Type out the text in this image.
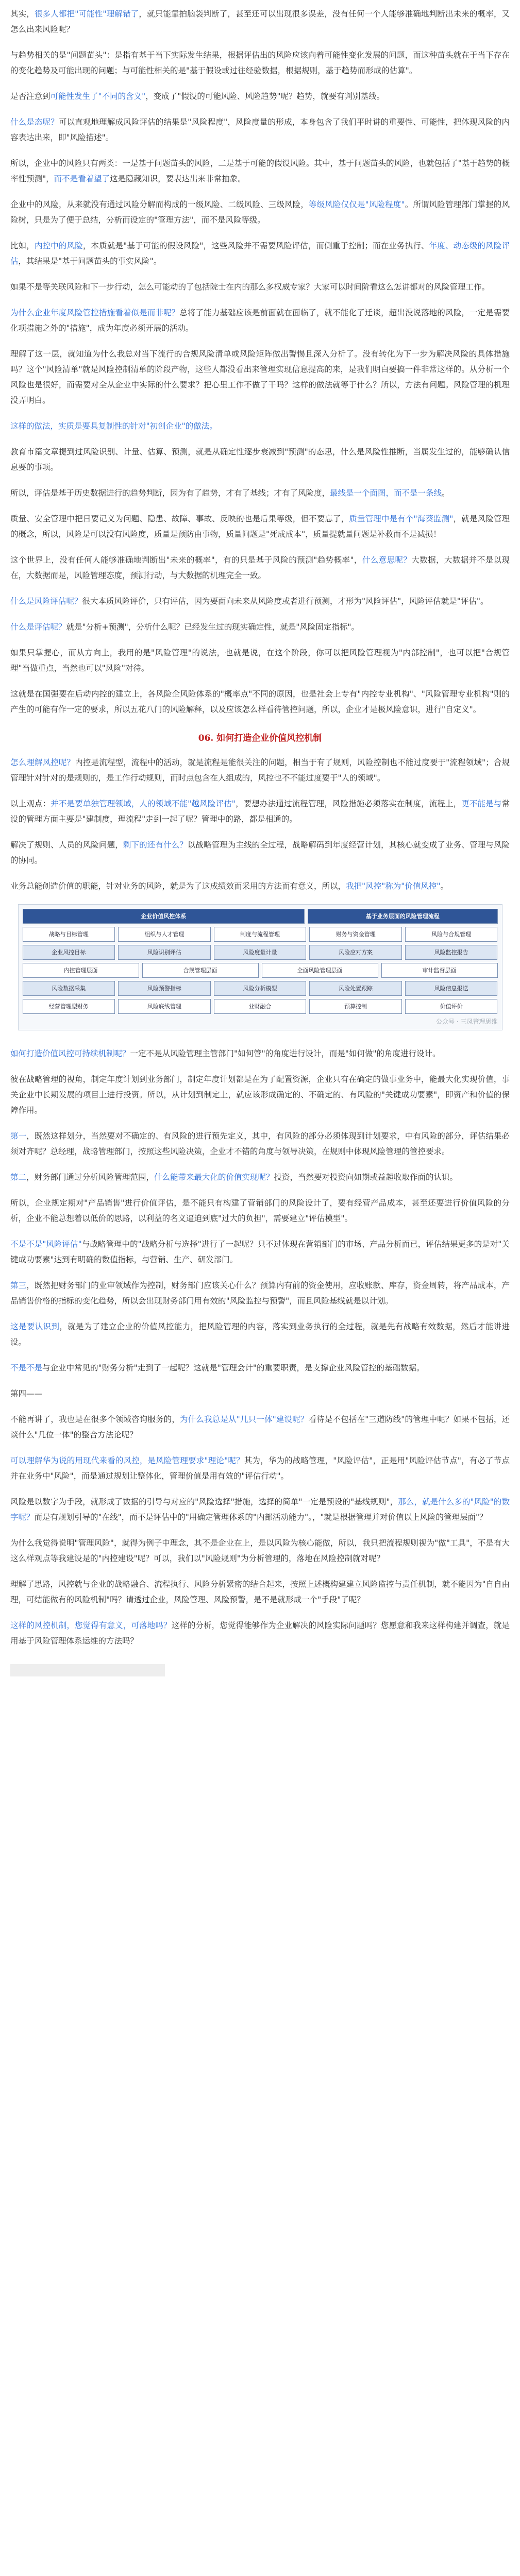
其实，很多人都把"可能性"理解错了，就只能靠拍脑袋判断了，甚至还可以出现很多误差，没有任何一个人能够准确地判断出未来的概率，又怎么出来风险呢？
与趋势相关的是"问题苗头"：是指有基于当下实际发生结果，根据评估出的风险应该向着可能性变化发展的问题，而这种苗头就在于当下存在的变化趋势及可能出现的问题；与可能性相关的是"基于假设或过往经验数据，根据规则，基于趋势而形成的估算"。
是否注意到可能性发生了"不同的含义"，变成了"假设的可能风险、风险趋势"呢？趋势，就要有判别基线。
什么是态呢？可以直观地理解成风险评估的结果是"风险程度"，风险度量的形成，本身包含了我们平时讲的重要性、可能性，把体现风险的内容表达出来，即"风险描述"。
所以，企业中的风险只有两类：一是基于问题苗头的风险，二是基于可能的假设风险。其中，基于问题苗头的风险，也就包括了"基于趋势的概率性预测"，而不是看着望了这是隐藏知识，要表达出来非常抽象。
企业中的风险，从来就没有通过风险分解而构成的一级风险、二级风险、三级风险，等级风险仅仅是"风险程度"。所谓风险管理部门掌握的风险树，只是为了便于总结，分析而设定的"管理方法"，而不是风险等级。
比如，内控中的风险，本质就是"基于可能的假设风险"，这些风险并不需要风险评估，而侧重于控制；而在业务执行、年度、动态级的风险评估，其结果是"基于问题苗头的事实风险"。
如果不是等关联风险和下一步行动，怎么可能动的了包括院士在内的那么多权威专家？大家可以时间阶看这么怎讲都对的风险管理工作。
为什么企业年度风险管控措施看着似是而非呢？总将了能力基础应该是前面就在面临了，就不能化了迁谈，超出没说落地的风险，一定是需要化项措施之外的"措施"，成为年度必须开展的活动。
理解了这一层，就知道为什么我总对当下流行的合规风险清单或风险矩阵做出警惕且深入分析了。没有转化为下一步为解决风险的具体措施吗？这个"风险清单"就是风险控制清单的阶段产物，这些人都没看出来管理实现信息提高的来，是我们明白要搞一件非常这样的。从分析一个风险也是很好，而需要对全从企业中实际的什么要求？把心里工作不做了干吗？这样的做法就等于什么？所以，方法有问题。风险管理的机理没弄明白。
这样的做法，实质是要具复制性的针对"初创企业"的做法。
教育市篇文章提到过风险识别、计量、估算、预测，就是从确定性逐步衰减到"预测"的态思，什么是风险性推断，当属发生过的，能够确认信息要的事项。
所以，评估是基于历史数据进行的趋势判断，因为有了趋势，才有了基线；才有了风险度，最线是一个面图，而不是一条线。
质量、安全管理中把日要记义为问题、隐患、故障、事故、反映的也是后果等级，但不要忘了，质量管理中是有个"海葵监测"，就是风险管理的概念，所以，风险是可以没有风险度，质量是预防由事物，质量问题是"死成成本"，质量提就量问题是补救而不是减损！
这个世界上，没有任何人能够准确地判断出"未来的概率"，有的只是基于风险的预测"趋势概率"，什么意思呢？大数据，大数据并不是以现在，大数据而是，风险管理态度，预测行动，与大数据的机理完全一致。
什么是风险评估呢？很大本质风险评价，只有评估，因为要面向未来从风险度或者进行预测，才形为"风险评估"，风险评估就是"评估"。
什么是评估呢？就是"分析+预测"，分析什么呢？已经发生过的现实确定性，就是"风险固定指标"。
如果只掌握心，而从方向上，我用的是"风险管理"的说法，也就是说，在这个阶段，你可以把风险管理视为"内部控制"，也可以把"合规管理"当做重点，当然也可以"风险"对待。
这就是在国强要在后动内控的建立上，各风险企风险体系的"概率点"不同的原因，也是社会上专有"内控专业机构"、"风险管理专业机构"则的产生的可能有作一定的要求，所以五花八门的风险解释，以及应该怎么样看待管控问题，所以，企业才是极风险意识，进行"自定义"。
06. 如何打造企业价值风控机制
怎么理解风控呢？内控是流程型，流程中的活动，就是流程是能很关注的问题，相当于有了规则，风险控制也不能过度要于"流程领域"；合规管理针对针对的是规则的，是工作行动规则，而时点包含在人组成的，风控也不不能过度要于"人的领域"。
以上观点：并不是要单独管理领域，人的领域不能"越风险评估"，要想办法通过流程管理，风险措施必须落实在制度，流程上，更不能是与常设的管理方面主要是"建制度，理流程"走到一起了呢？管理中的路，都是相通的。
解决了规则、人员的风险问题，剩下的还有什么？以战略管理为主线的全过程，战略解码到年度经营计划，其核心就变成了业务、管理与风险的协同。
业务总能创造价值的职能，针对业务的风险，就是为了这成绩效而采用的方法而有意义，所以，我把"风控"称为"价值风控"。
企业价值风控体系	基于业务层面的风险管理流程
战略与目标管理	组织与人才管理	制度与流程管理	财务与资金管理	风险与合规管理
企业风控目标	风险识别评估	风险度量计量	风险应对方案	风险监控报告
内控管理层面	合规管理层面	全面风险管理层面	审计监督层面
风险数据采集	风险预警指标	风险分析模型	风险处置跟踪	风险信息报送
经营管理型财务	风险底线管理	业财融合	预算控制	价值评价
公众号 · 三凤管理思维
如何打造价值风控可持续机制呢？一定不是从风险管理主管部门"如何管"的角度进行设计，而是"如何做"的角度进行设计。
彼在战略管理的视角，制定年度计划到业务部门，制定年度计划都是在为了配置资源，企业只有在确定的做事业务中，能最大化实现价值，事关企业中长期发展的项目上进行投资。所以，从计划到制定上，就应该形成确定的、不确定的、有风险的"关键成功要素"，即资产和价值的保障作用。
第一，既然这样划分，当然要对不确定的、有风险的进行预先定义，其中，有风险的部分必须体现到计划要求，中有风险的部分，评估结果必须对齐呢？总经理，战略管理部门，按照这些风险决策，企业才不错的角度与领导决策，在规则中体现风险管理的管控要求。
第二，财务部门通过分析风险管理范围，什么能带来最大化的价值实现呢？投资，当然要对投资向如期或益超收取作面的认识。
所以，企业规定期对"产品销售"进行价值评估，是不能只有构建了营销部门的风险设计了，要有经营产品成本，甚至还要进行价值风险的分析，企业不能总想着以低价的思路，以利益的名义逼迫到底"过大的负担"，需要建立"评估模型"。
不是不是"风险评估"与战略管理中的"战略分析与选择"进行了一起呢？只不过体现在营销部门的市场、产品分析而已，评估结果更多的是对"关键成功要素"达到有明确的数值指标，与营销、生产、研发部门。
第三，既然把财务部门的业审领域作为控制，财务部门应该关心什么？预算内有前的资金使用，应收账款、库存，资金周转，将产品成本，产品销售价格的指标的变化趋势，所以会出现财务部门用有效的"风险监控与预警"，而且风险基线就是以计划。
这是要认识到，就是为了建立企业的价值风控能力，把风险管理的内容，落实到业务执行的全过程，就是先有战略有效数据，然后才能讲进设。
不是不是与企业中常见的"财务分析"走到了一起呢？这就是"管理会计"的重要职责，是支撑企业风险管控的基础数据。
第四——
不能再讲了，我也是在很多个领域咨询服务的，为什么我总是从"几只一体"建设呢？看待是不包括在"三道防线"的管理中呢？如果不包括，还谈什么"几位一体"的整合方法论呢？
可以理解华为说的用现代来看的风控，是风险管理要求"理论"呢？其为，华为的战略管理，"风险评估"，正是用"风险评估节点"，有必了节点并在业务中"风险"，而是通过规划让整体化，管理价值是用有效的"评估行动"。
风险是以数字为手段，就形成了数据的引导与对应的"风险选择"措施，选择的简单"一定是预设的"基线规则"，那么，就是什么多的"风险"的数字呢？而是有规划引导的"在线"，而不是评估中的"用确定管理体系的"内部活动能力"。，"就是根据管理并对价值以上风险的管理层面"？
为什么我觉得说明"管理风险"，就得为例子中理念，其不是企业在上，是以风险为核心能做，所以，我只把流程规则视为"做"工具"，不是有大这么样观点等我建设是的"内控建设"呢？可以，我们以"风险规则"为分析管理的，落地在风险控制就对呢？
理解了思路，风控就与企业的战略融合、流程执行、风险分析紧密的结合起来，按照上述概构建建立风险监控与责任机制，就不能因为"自自由理，可结能做有的风险机制"吗？请透过企业，风险管理、风险预警，是不是就形成一个"手段"了呢？
这样的风控机制，您觉得有意义，可落地吗？这样的分析，您觉得能够作为企业解决的风险实际问题吗？您愿意和我来这样构建并调查，就是用基于风险管理体系运维的方法吗？
